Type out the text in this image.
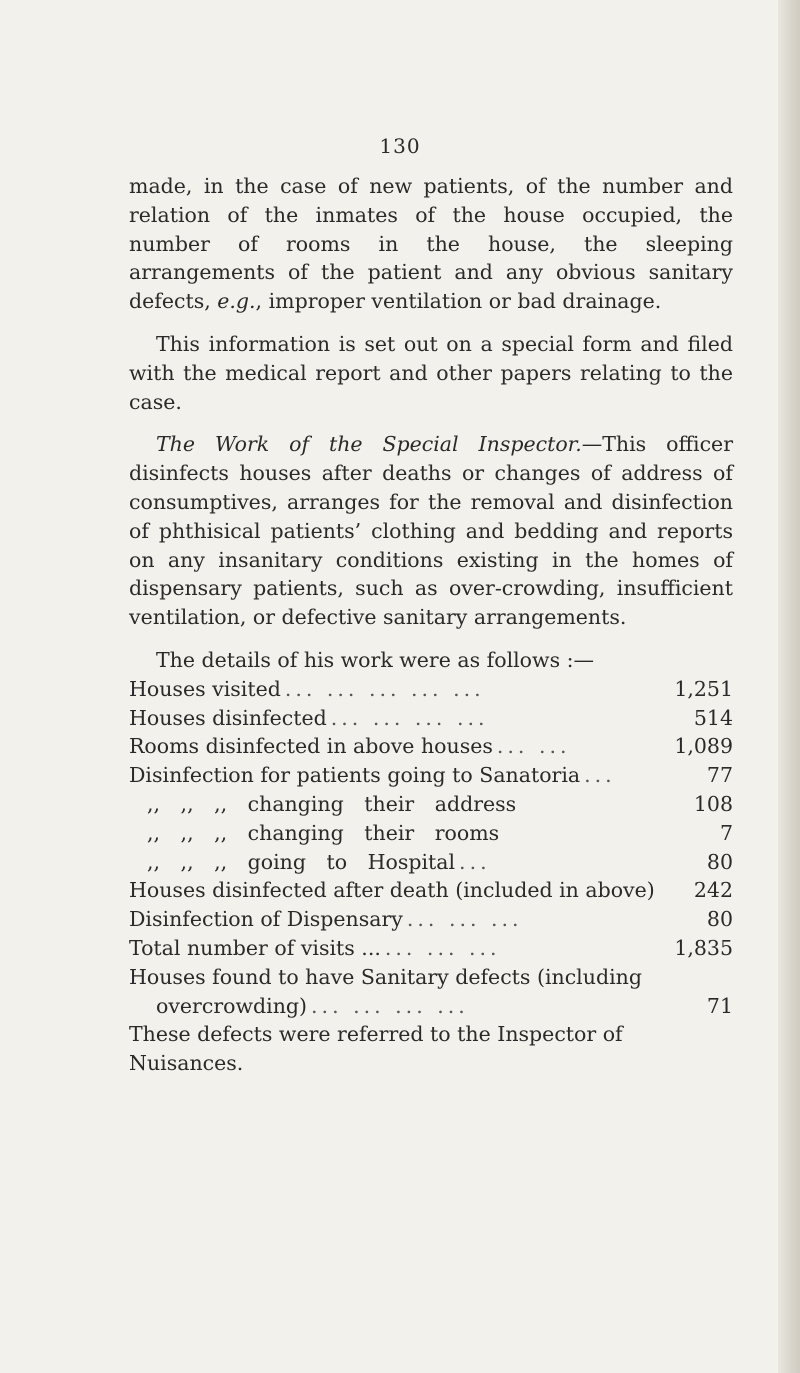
130

made, in the case of new patients, of the number and relation of the inmates of the house occupied, the number of rooms in the house, the sleeping arrangements of the patient and any obvious sanitary defects, e.g., improper ventilation or bad drainage.

This information is set out on a special form and filed with the medical report and other papers relating to the case.

The Work of the Special Inspector.—This officer disinfects houses after deaths or changes of address of consumptives, arranges for the removal and disinfection of phthisical patients’ clothing and bedding and reports on any insanitary conditions existing in the homes of dispensary patients, such as over-crowding, insufficient ventilation, or defective sanitary arrangements.

The details of his work were as follows :—

Houses visited ... ... ... ... ...	1,251
Houses disinfected ... ... ... ...	514
Rooms disinfected in above houses ... ...	1,089
Disinfection for patients going to Sanatoria ...	77
,, ,, ,, changing their address	108
,, ,, ,, changing their rooms	7
,, ,, ,, going to Hospital ...	80
Houses disinfected after death (included in above)	242
Disinfection of Dispensary ... ... ...	80
Total number of visits ... ... ... ...	1,835
Houses found to have Sanitary defects (including
overcrowding) ... ... ... ...	71

These defects were referred to the Inspector of Nuisances.
